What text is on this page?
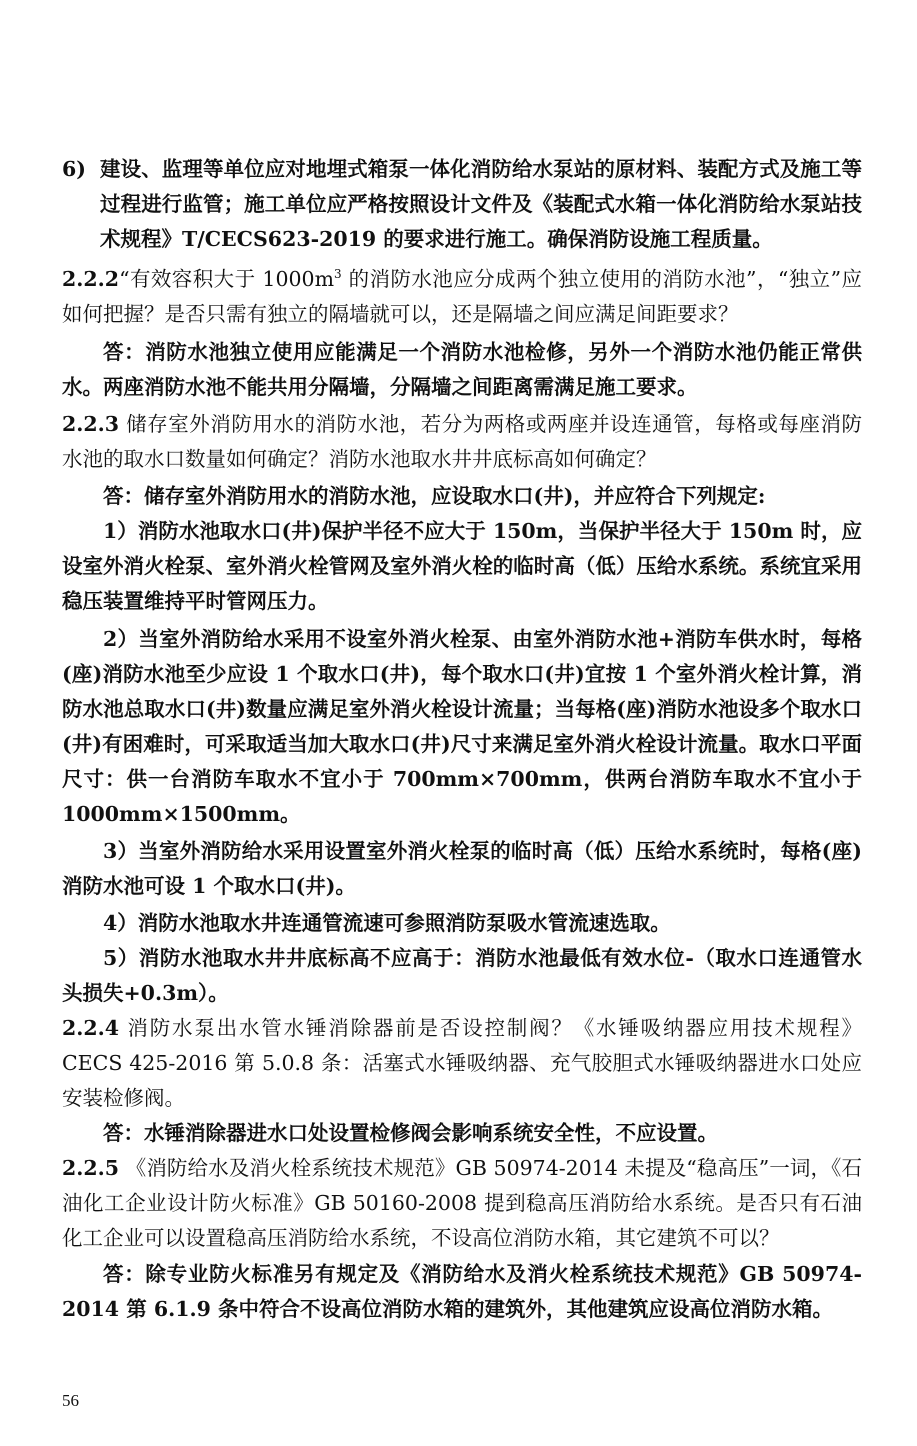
6) 建设、监理等单位应对地埋式箱泵一体化消防给水泵站的原材料、装配方式及施工等过程进行监管；施工单位应严格按照设计文件及《装配式水箱一体化消防给水泵站技术规程》T/CECS623-2019 的要求进行施工。确保消防设施工程质量。

2.2.2“有效容积大于 $1000m^3$ 的消防水池应分成两个独立使用的消防水池”，“独立”应如何把握？是否只需有独立的隔墙就可以，还是隔墙之间应满足间距要求？

答：消防水池独立使用应能满足一个消防水池检修，另外一个消防水池仍能正常供水。两座消防水池不能共用分隔墙，分隔墙之间距离需满足施工要求。

2.2.3 储存室外消防用水的消防水池，若分为两格或两座并设连通管，每格或每座消防水池的取水口数量如何确定？消防水池取水井井底标高如何确定？

答：储存室外消防用水的消防水池，应设取水口(井)，并应符合下列规定:

1）消防水池取水口(井)保护半径不应大于 150m，当保护半径大于 150m 时，应设室外消火栓泵、室外消火栓管网及室外消火栓的临时高（低）压给水系统。系统宜采用稳压装置维持平时管网压力。

2）当室外消防给水采用不设室外消火栓泵、由室外消防水池+消防车供水时，每格(座)消防水池至少应设 1 个取水口(井)，每个取水口(井)宜按 1 个室外消火栓计算，消防水池总取水口(井)数量应满足室外消火栓设计流量；当每格(座)消防水池设多个取水口(井)有困难时，可采取适当加大取水口(井)尺寸来满足室外消火栓设计流量。取水口平面尺寸：供一台消防车取水不宜小于 700mm×700mm，供两台消防车取水不宜小于 1000mm×1500mm。

3）当室外消防给水采用设置室外消火栓泵的临时高（低）压给水系统时，每格(座)消防水池可设 1 个取水口(井)。

4）消防水池取水井连通管流速可参照消防泵吸水管流速选取。

5）消防水池取水井井底标高不应高于：消防水池最低有效水位-（取水口连通管水头损失+0.3m）。

2.2.4 消防水泵出水管水锤消除器前是否设控制阀？《水锤吸纳器应用技术规程》CECS 425-2016 第 5.0.8 条：活塞式水锤吸纳器、充气胶胆式水锤吸纳器进水口处应安装检修阀。

答：水锤消除器进水口处设置检修阀会影响系统安全性，不应设置。

2.2.5 《消防给水及消火栓系统技术规范》GB 50974-2014 未提及“稳高压”一词，《石油化工企业设计防火标准》GB 50160-2008 提到稳高压消防给水系统。是否只有石油化工企业可以设置稳高压消防给水系统，不设高位消防水箱，其它建筑不可以？

答：除专业防火标准另有规定及《消防给水及消火栓系统技术规范》GB 50974-2014 第 6.1.9 条中符合不设高位消防水箱的建筑外，其他建筑应设高位消防水箱。

56
